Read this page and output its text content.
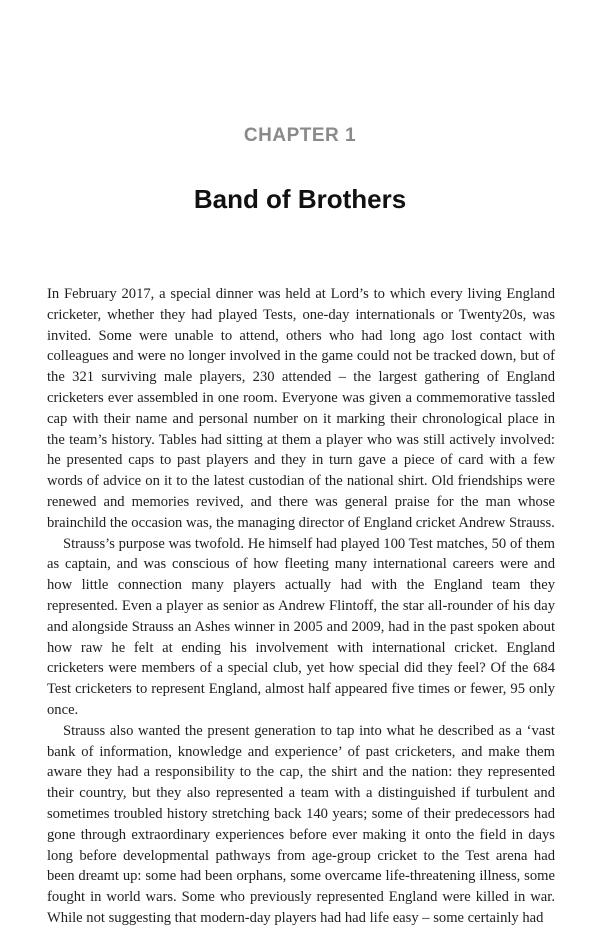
CHAPTER 1
Band of Brothers

In February 2017, a special dinner was held at Lord’s to which every living England cricketer, whether they had played Tests, one-day internationals or Twenty20s, was invited. Some were unable to attend, others who had long ago lost contact with colleagues and were no longer involved in the game could not be tracked down, but of the 321 surviving male players, 230 attended – the largest gathering of England cricketers ever assembled in one room. Everyone was given a commemorative tassled cap with their name and personal number on it marking their chronological place in the team’s history. Tables had sitting at them a player who was still actively involved: he presented caps to past players and they in turn gave a piece of card with a few words of advice on it to the latest custodian of the national shirt. Old friendships were renewed and memories revived, and there was general praise for the man whose brainchild the occasion was, the managing director of England cricket Andrew Strauss.

Strauss’s purpose was twofold. He himself had played 100 Test matches, 50 of them as captain, and was conscious of how fleeting many international careers were and how little connection many players actually had with the England team they represented. Even a player as senior as Andrew Flintoff, the star all-rounder of his day and alongside Strauss an Ashes winner in 2005 and 2009, had in the past spoken about how raw he felt at ending his involvement with international cricket. England cricketers were members of a special club, yet how special did they feel? Of the 684 Test cricketers to represent England, almost half appeared five times or fewer, 95 only once.

Strauss also wanted the present generation to tap into what he described as a ‘vast bank of information, knowledge and experience’ of past cricketers, and make them aware they had a responsibility to the cap, the shirt and the nation: they represented their country, but they also represented a team with a distinguished if turbulent and sometimes troubled history stretching back 140 years; some of their predecessors had gone through extraordinary experiences before ever making it onto the field in days long before developmental pathways from age-group cricket to the Test arena had been dreamt up: some had been orphans, some overcame life-threatening illness, some fought in world wars. Some who previously represented England were killed in war. While not suggesting that modern-day players had had life easy – some certainly had
